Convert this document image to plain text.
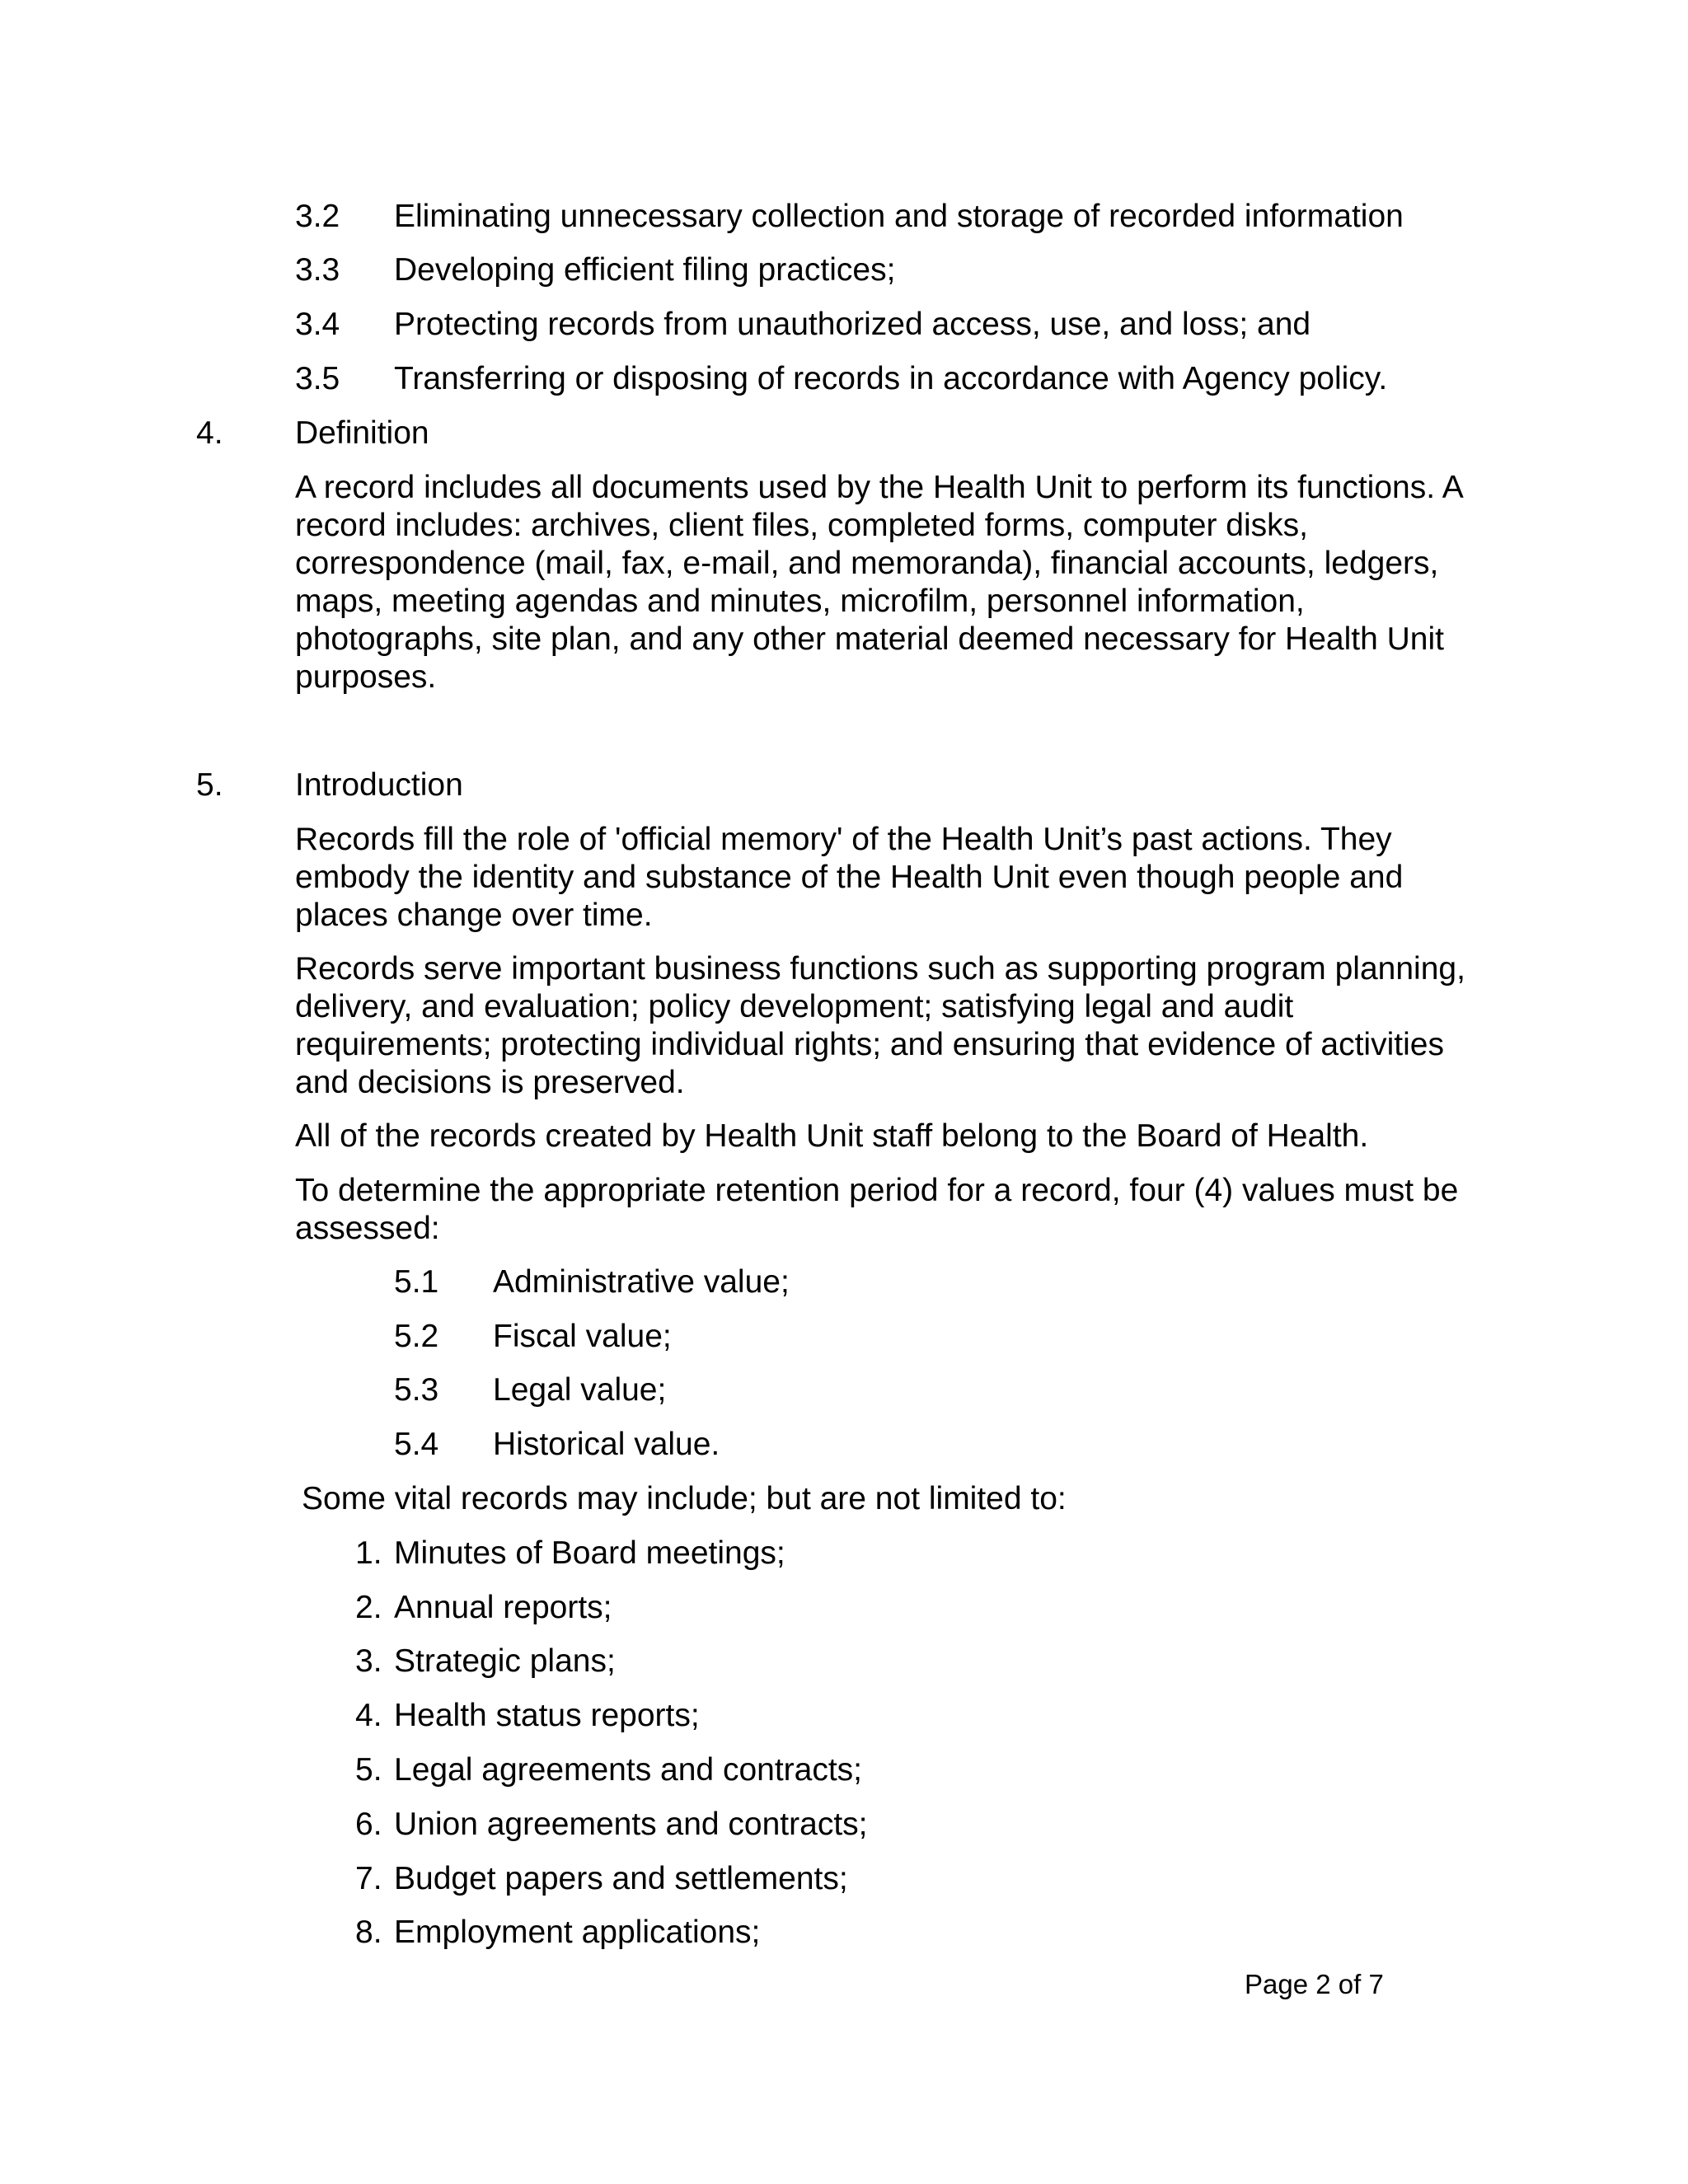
3.2 Eliminating unnecessary collection and storage of recorded information
3.3 Developing efficient filing practices;
3.4 Protecting records from unauthorized access, use, and loss; and
3.5 Transferring or disposing of records in accordance with Agency policy.
4. Definition
A record includes all documents used by the Health Unit to perform its functions. A record includes: archives, client files, completed forms, computer disks, correspondence (mail, fax, e-mail, and memoranda), financial accounts, ledgers, maps, meeting agendas and minutes, microfilm, personnel information, photographs, site plan, and any other material deemed necessary for Health Unit purposes.
5. Introduction
Records fill the role of 'official memory' of the Health Unit’s past actions. They embody the identity and substance of the Health Unit even though people and places change over time.
Records serve important business functions such as supporting program planning, delivery, and evaluation; policy development; satisfying legal and audit requirements; protecting individual rights; and ensuring that evidence of activities and decisions is preserved.
All of the records created by Health Unit staff belong to the Board of Health.
To determine the appropriate retention period for a record, four (4) values must be assessed:
5.1 Administrative value;
5.2 Fiscal value;
5.3 Legal value;
5.4 Historical value.
Some vital records may include; but are not limited to:
1. Minutes of Board meetings;
2. Annual reports;
3. Strategic plans;
4. Health status reports;
5. Legal agreements and contracts;
6. Union agreements and contracts;
7. Budget papers and settlements;
8. Employment applications;
Page 2 of 7
